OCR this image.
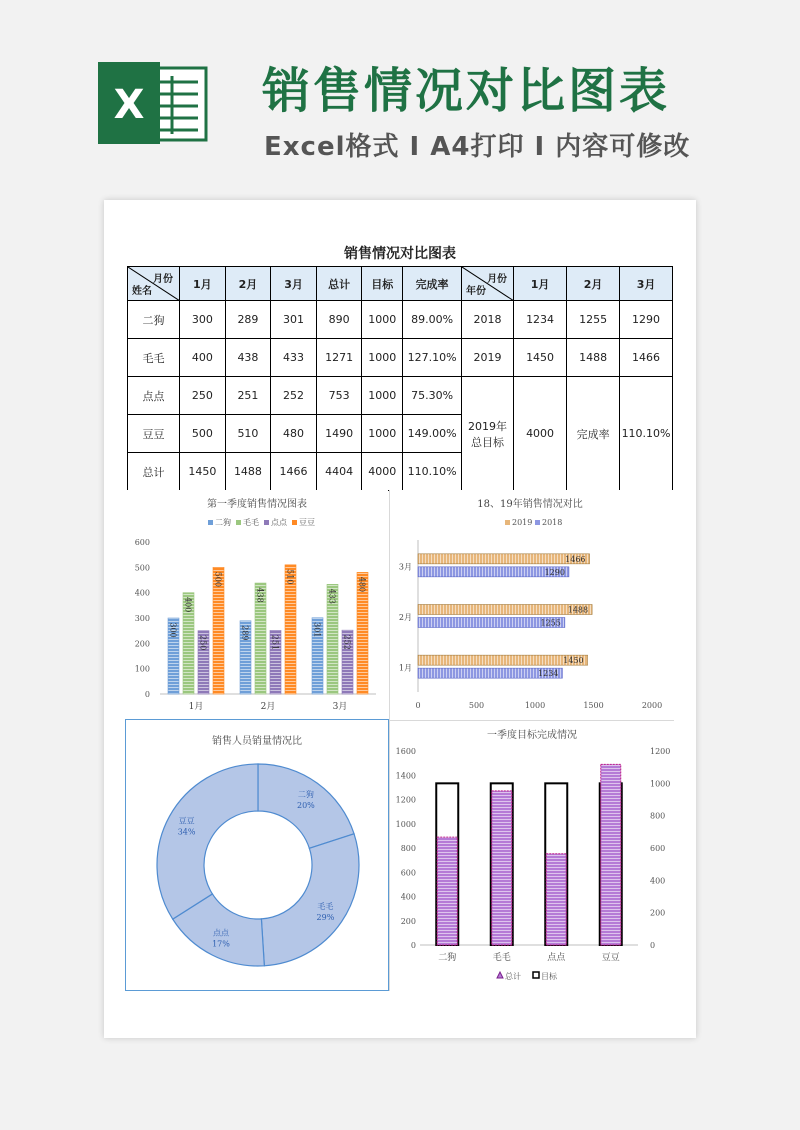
X 销售情况对比图表
Excel格式 Ⅰ A4打印 Ⅰ 内容可修改
销售情况对比图表
月份
姓名	1月	2月	3月	总计	目标	完成率
二狗	300	289	301	890	1000	89.00%
毛毛	400	438	433	1271	1000	127.10%
点点	250	251	252	753	1000	75.30%
豆豆	500	510	480	1490	1000	149.00%
总计	1450	1488	1466	4404	4000	110.10%
月份
年份	1月	2月	3月
2018	1234	1255	1290
2019	1450	1488	1466

2019年
总目标	4000	完成率	110.10%
第一季度销售情况图表
二狗 毛毛 点点 豆豆
0
100
200
300
400
500
600
300
400
250
500
1月
289
438
251
510
2月
301
433
252
480
3月
18、19年销售情况对比
2019 2018
0	500	1000	1500	2000
1450
1234
1月
1488
1255
2月
1466
1290
3月
销售人员销量情况比
二狗
20%
毛毛
29%
点点
17%
豆豆
34%
一季度目标完成情况
0
200
400
600
800
1000
1200
1400
1600
0
200
400
600
800
1000
1200
二狗	毛毛	点点	豆豆
总计	目标
